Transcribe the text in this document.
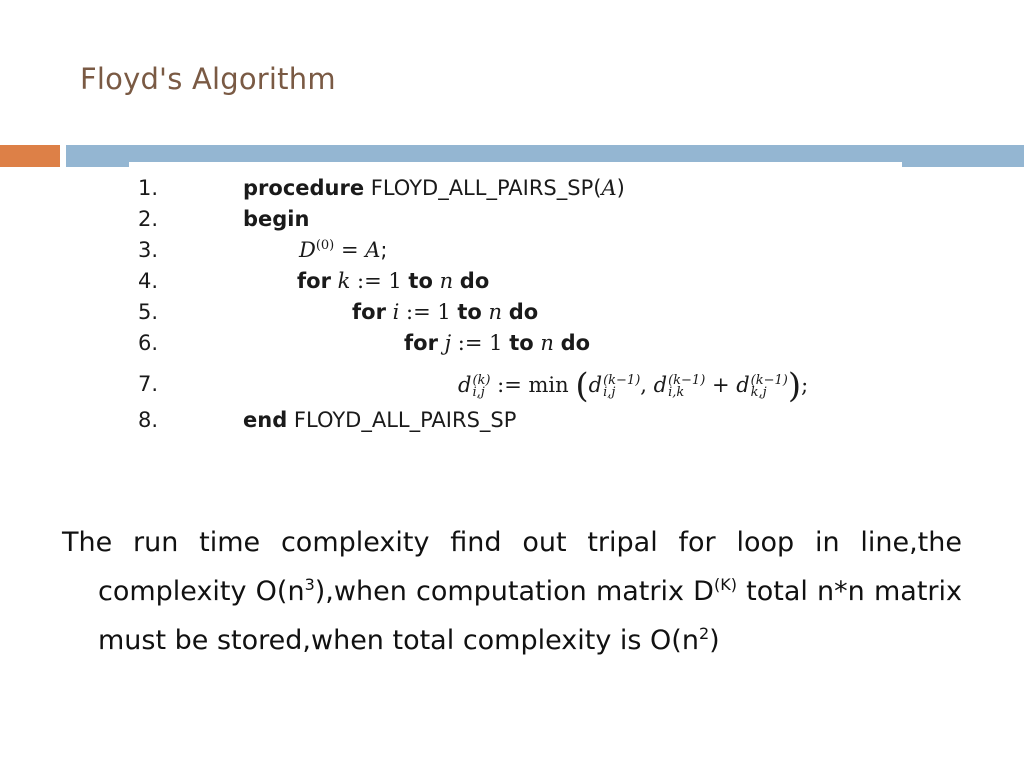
Floyd's Algorithm
1.	procedure FLOYD_ALL_PAIRS_SP(A)
2.	begin
3.	$D^{(0)} = A$;
4.	for k := 1 to n do
5.	for i := 1 to n do
6.	for j := 1 to n do
7.
8.	end FLOYD_ALL_PAIRS_SP
d (k)
i,j := min (d (k−1)
i,j	, d (k−1)
i,k	+ d (k−1)
k,j );
The run time complexity find out tripal for loop in line,the complexity $O(n^3),when$ computation matrix $D^{(K)}$ total n*n matrix must be stored,when total complexity is $O(n^2)$
